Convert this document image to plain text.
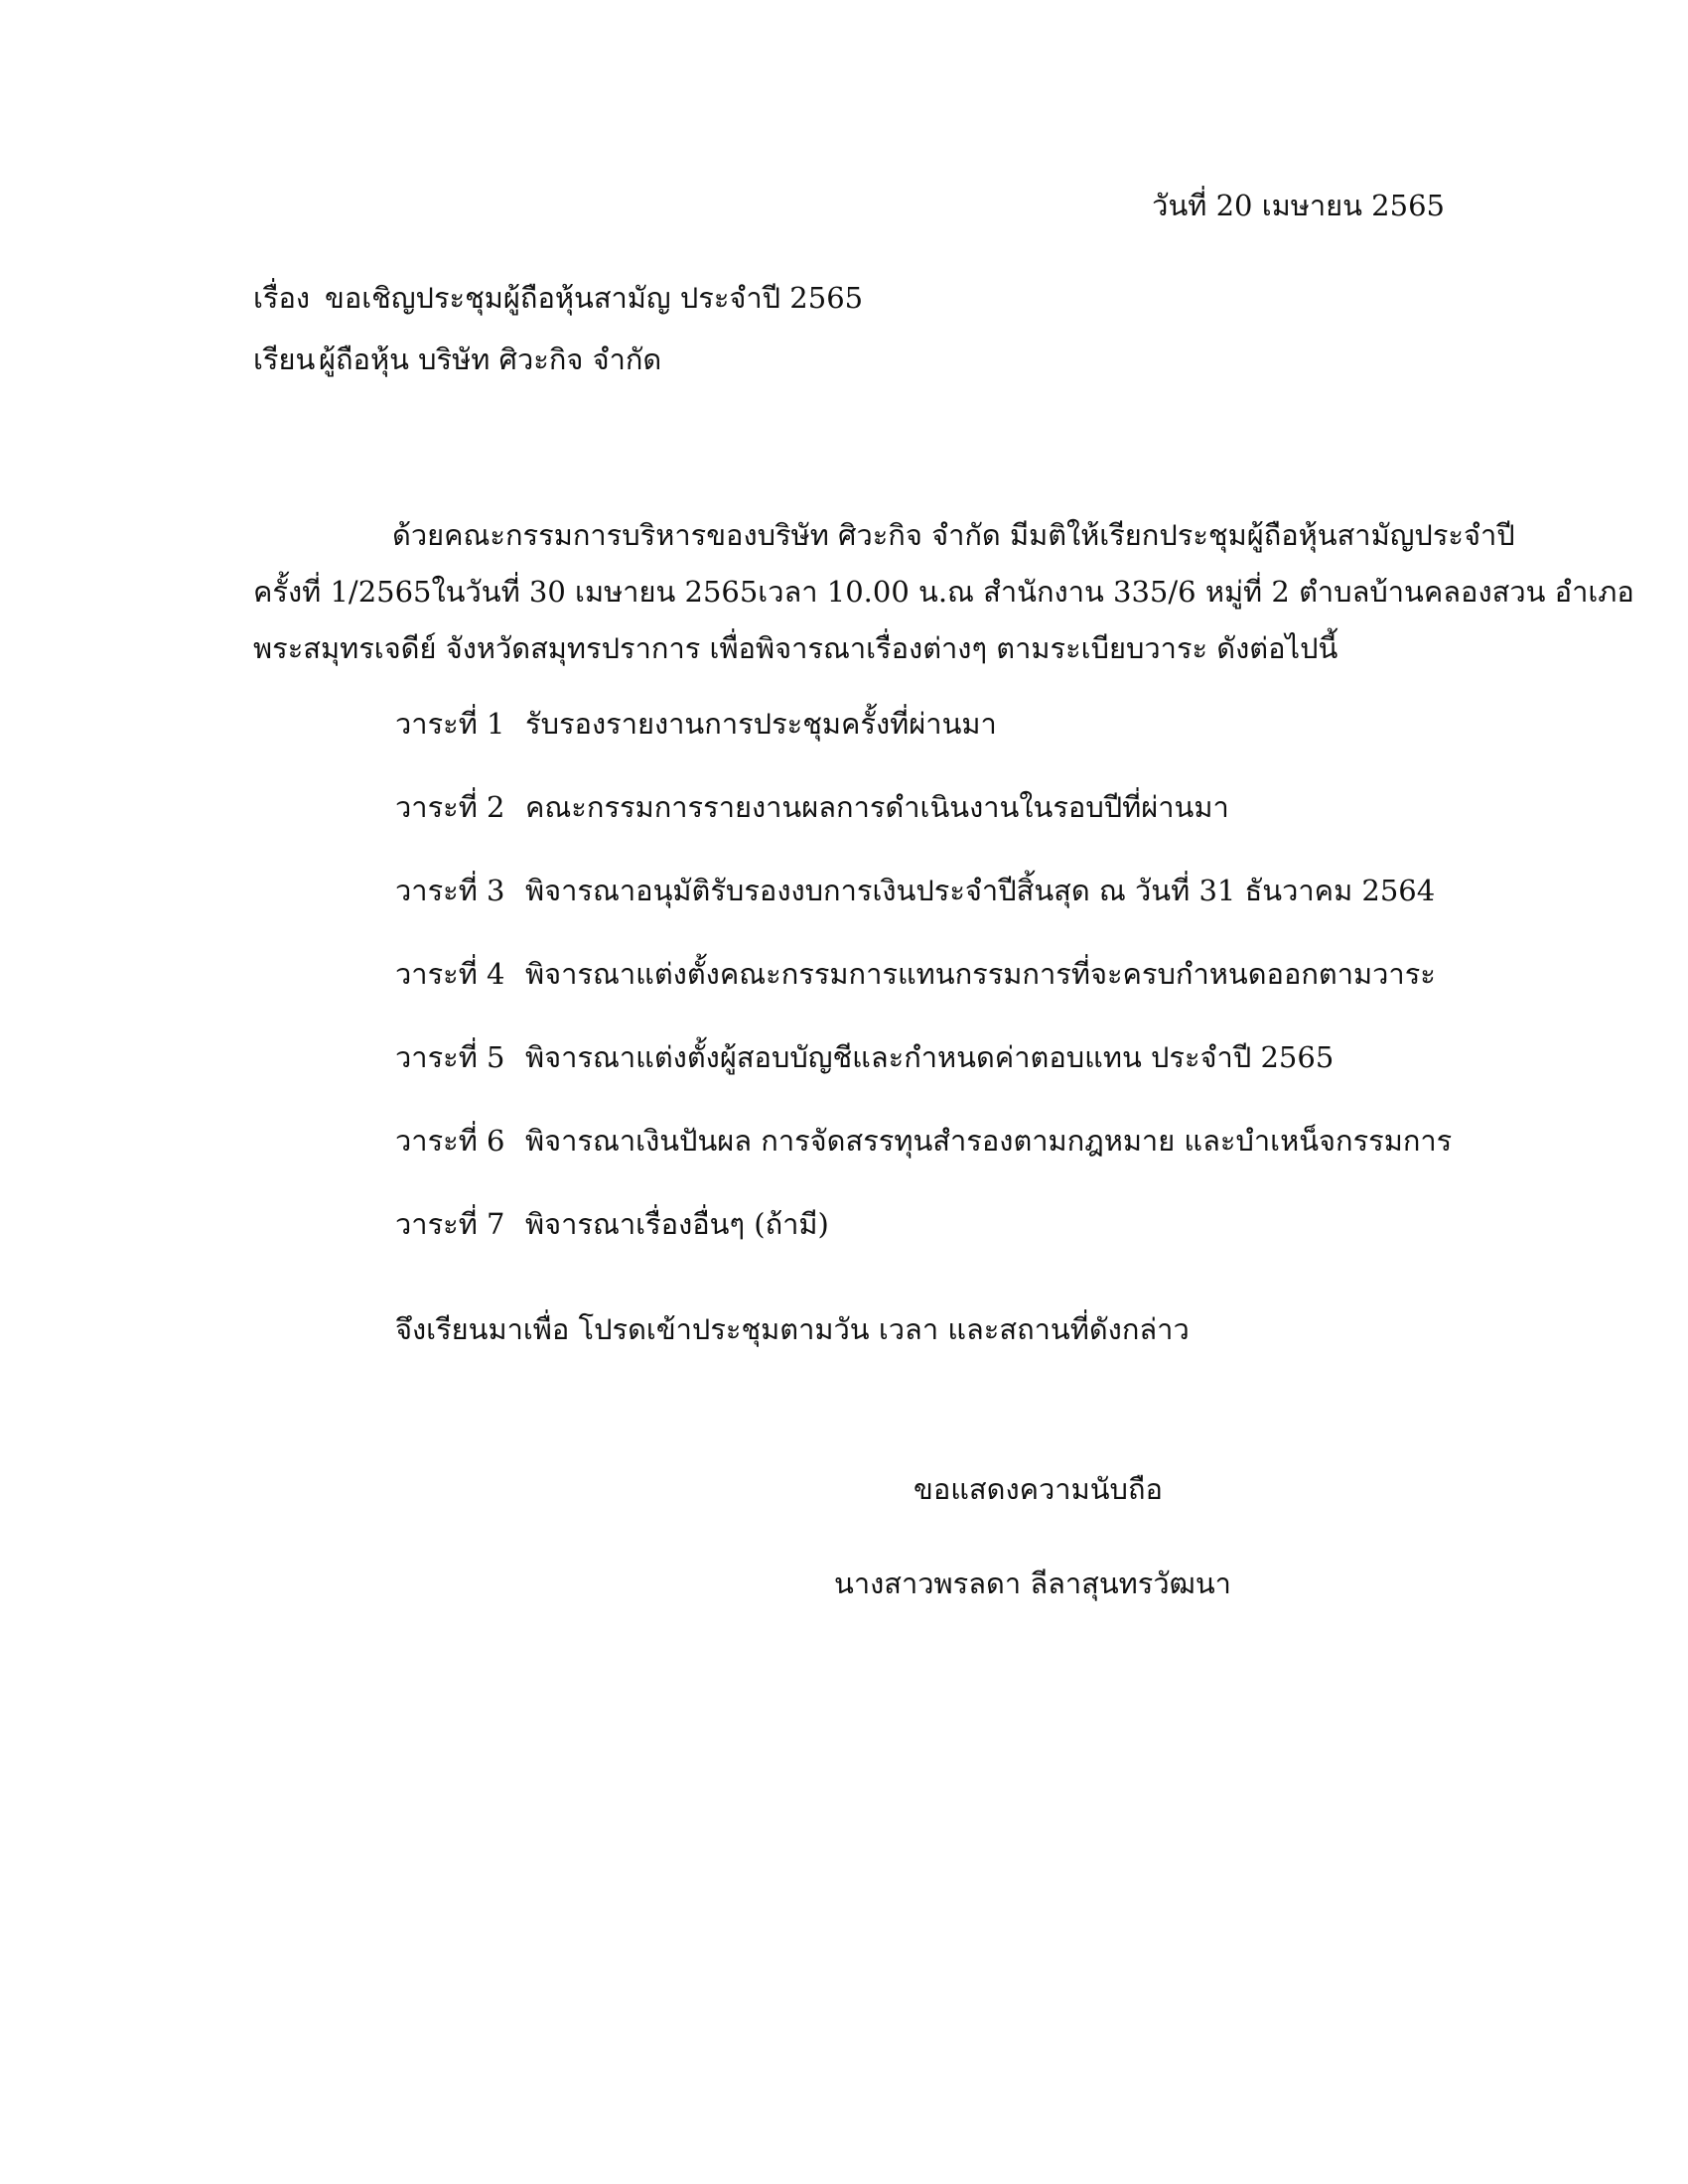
วันที่ 20 เมษายน 2565
เรื่อง ขอเชิญประชุมผู้ถือหุ้นสามัญ ประจำปี 2565
เรียน ผู้ถือหุ้น บริษัท ศิวะกิจ จำกัด
ด้วยคณะกรรมการบริหารของบริษัท ศิวะกิจ จำกัด มีมติให้เรียกประชุมผู้ถือหุ้นสามัญประจำปี
ครั้งที่ 1/2565ในวันที่ 30 เมษายน 2565เวลา 10.00 น.ณ สำนักงาน 335/6 หมู่ที่ 2 ตำบลบ้านคลองสวน อำเภอ
พระสมุทรเจดีย์ จังหวัดสมุทรปราการ เพื่อพิจารณาเรื่องต่างๆ ตามระเบียบวาระ ดังต่อไปนี้
วาระที่ 1 รับรองรายงานการประชุมครั้งที่ผ่านมา
วาระที่ 2 คณะกรรมการรายงานผลการดำเนินงานในรอบปีที่ผ่านมา
วาระที่ 3 พิจารณาอนุมัติรับรองงบการเงินประจำปีสิ้นสุด ณ วันที่ 31 ธันวาคม 2564
วาระที่ 4 พิจารณาแต่งตั้งคณะกรรมการแทนกรรมการที่จะครบกำหนดออกตามวาระ
วาระที่ 5 พิจารณาแต่งตั้งผู้สอบบัญชีและกำหนดค่าตอบแทน ประจำปี 2565
วาระที่ 6 พิจารณาเงินปันผล การจัดสรรทุนสำรองตามกฎหมาย และบำเหน็จกรรมการ
วาระที่ 7 พิจารณาเรื่องอื่นๆ (ถ้ามี)
จึงเรียนมาเพื่อ โปรดเข้าประชุมตามวัน เวลา และสถานที่ดังกล่าว
ขอแสดงความนับถือ
นางสาวพรลดา ลีลาสุนทรวัฒนา
